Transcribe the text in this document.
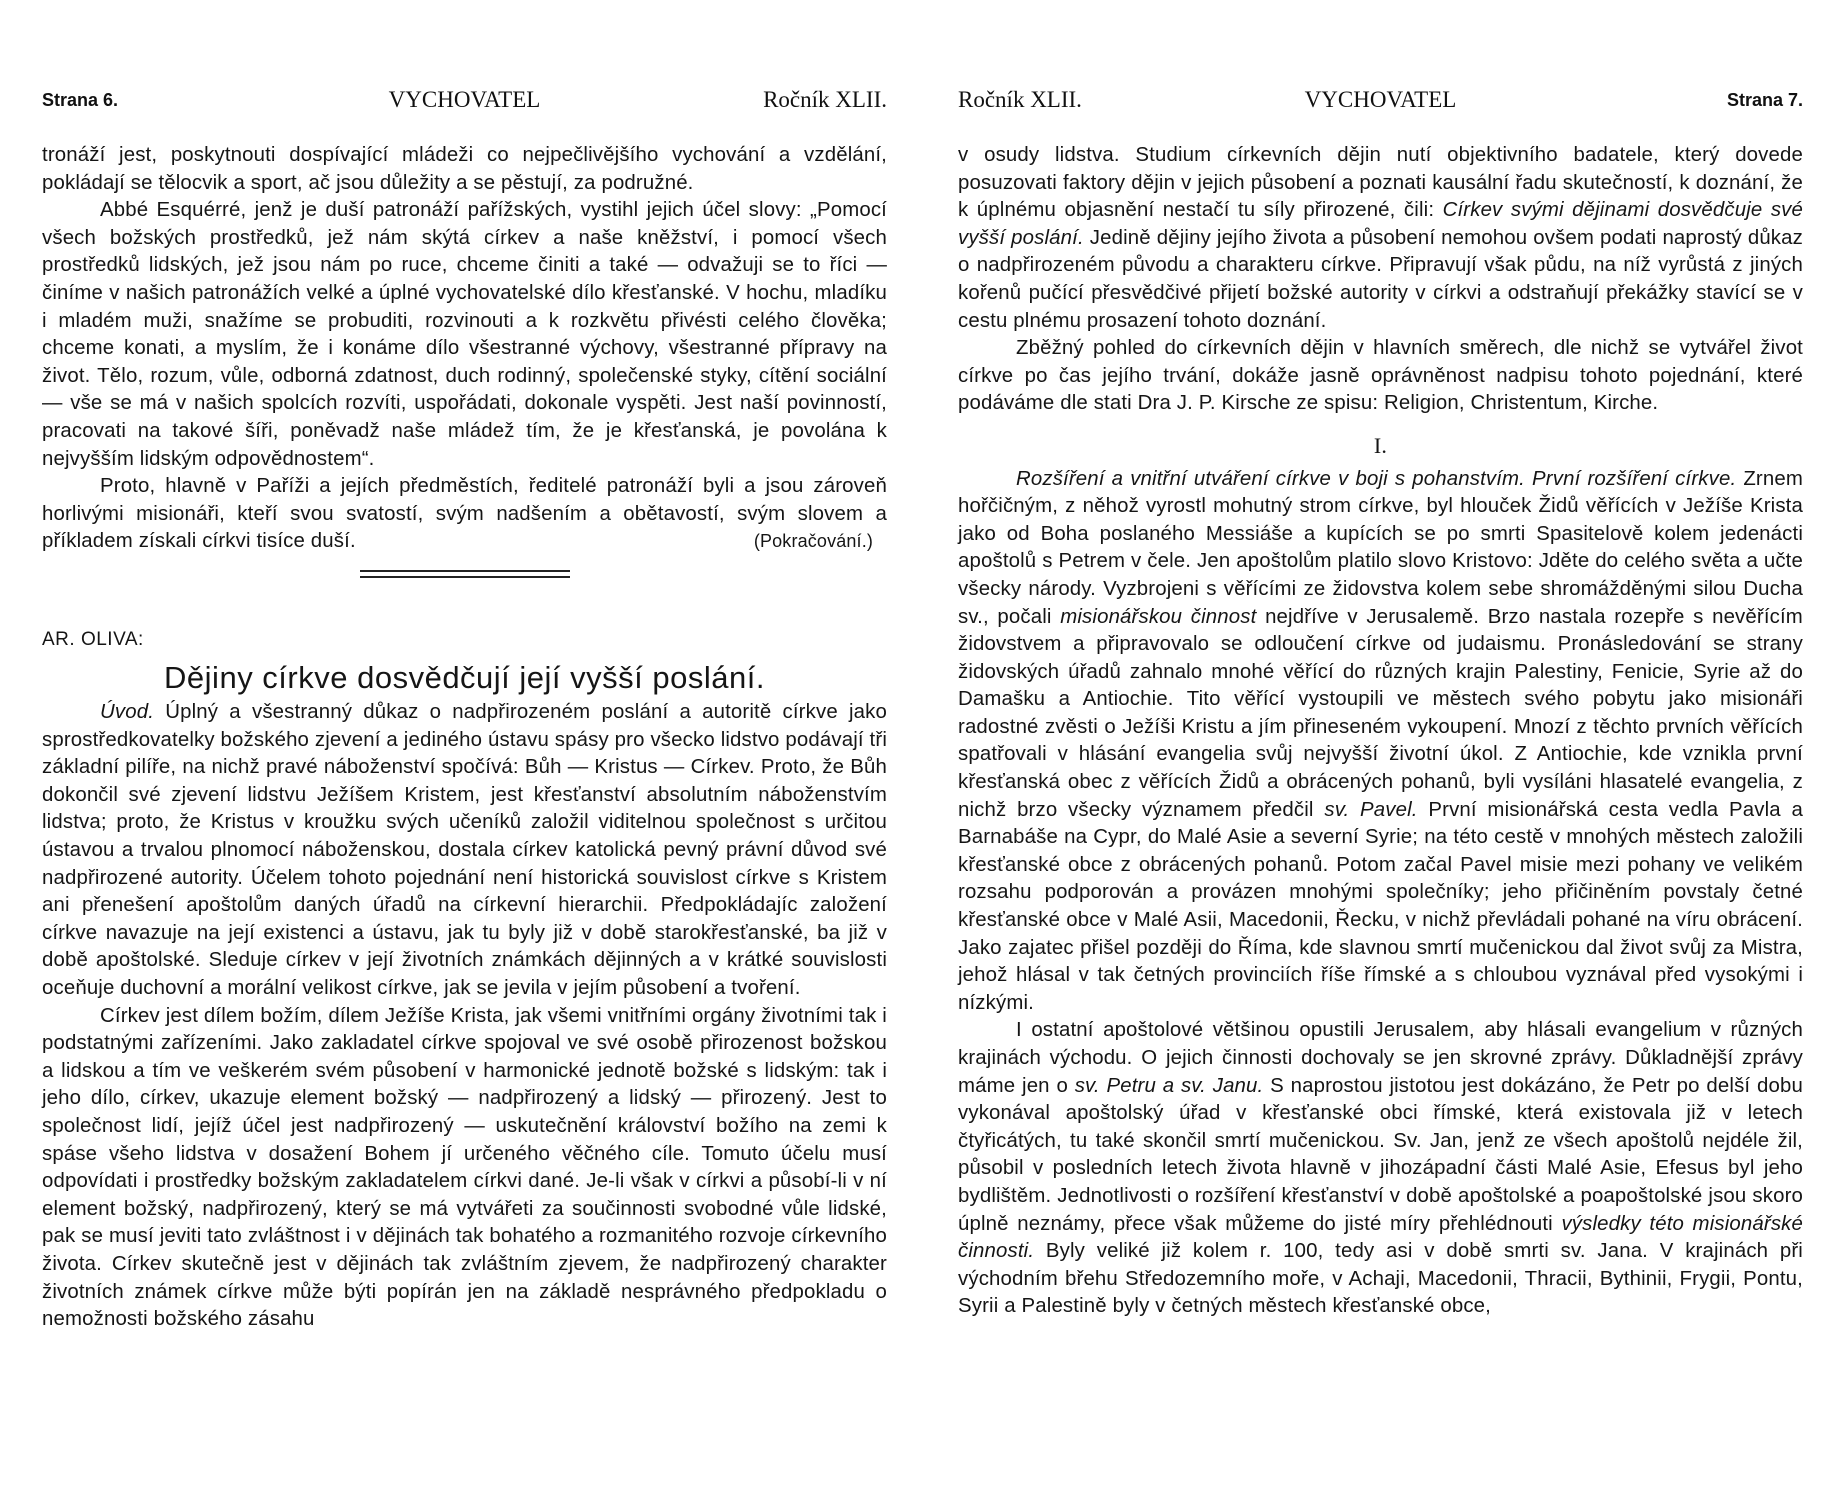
Strana 6.	VYCHOVATEL	Ročník XLII.

tronáží jest, poskytnouti dospívající mládeži co nejpečlivějšího vychování a vzdělání, pokládají se tělocvik a sport, ač jsou důležity a se pěstují, za podružné.

Abbé Esquérré, jenž je duší patronáží pařížských, vystihl jejich účel slovy: „Pomocí všech božských prostředků, jež nám skýtá církev a naše kněžství, i pomocí všech prostředků lidských, jež jsou nám po ruce, chceme činiti a také — odvažuji se to říci — činíme v našich patronážích velké a úplné vychovatelské dílo křesťanské. V hochu, mladíku i mladém muži, snažíme se probuditi, rozvinouti a k rozkvětu přivésti celého člověka; chceme konati, a myslím, že i konáme dílo všestranné výchovy, všestranné přípravy na život. Tělo, rozum, vůle, odborná zdatnost, duch rodinný, společenské styky, cítění sociální — vše se má v našich spolcích rozvíti, uspořádati, dokonale vyspěti. Jest naší povinností, pracovati na takové šíři, poněvadž naše mládež tím, že je křesťanská, je povolána k nejvyšším lidským odpovědnostem“.

Proto, hlavně v Paříži a jejích předměstích, ředitelé patronáží byli a jsou zároveň horlivými misionáři, kteří svou svatostí, svým nadšením a obětavostí, svým slovem a příkladem získali církvi tisíce duší.	(Pokračování.)

AR. OLIVA:
Dějiny církve dosvědčují její vyšší poslání.

Úvod. Úplný a všestranný důkaz o nadpřirozeném poslání a autoritě církve jako sprostředkovatelky božského zjevení a jediného ústavu spásy pro všecko lidstvo podávají tři základní pilíře, na nichž pravé náboženství spočívá: Bůh — Kristus — Církev. Proto, že Bůh dokončil své zjevení lidstvu Ježíšem Kristem, jest křesťanství absolutním náboženstvím lidstva; proto, že Kristus v kroužku svých učeníků založil viditelnou společnost s určitou ústavou a trvalou plnomocí náboženskou, dostala církev katolická pevný právní důvod své nadpřirozené autority. Účelem tohoto pojednání není historická souvislost církve s Kristem ani přenešení apoštolům daných úřadů na církevní hierarchii. Předpokládajíc založení církve navazuje na její existenci a ústavu, jak tu byly již v době starokřesťanské, ba již v době apoštolské. Sleduje církev v její životních známkách dějinných a v krátké souvislosti oceňuje duchovní a morální velikost církve, jak se jevila v jejím působení a tvoření.

Církev jest dílem božím, dílem Ježíše Krista, jak všemi vnitřními orgány životními tak i podstatnými zařízeními. Jako zakladatel církve spojoval ve své osobě přirozenost božskou a lidskou a tím ve veškerém svém působení v harmonické jednotě božské s lidským: tak i jeho dílo, církev, ukazuje element božský — nadpřirozený a lidský — přirozený. Jest to společnost lidí, jejíž účel jest nadpřirozený — uskutečnění království božího na zemi k spáse všeho lidstva v dosažení Bohem jí určeného věčného cíle. Tomuto účelu musí odpovídati i prostředky božským zakladatelem církvi dané. Je-li však v církvi a působí-li v ní element božský, nadpřirozený, který se má vytvářeti za součinnosti svobodné vůle lidské, pak se musí jeviti tato zvláštnost i v dějinách tak bohatého a rozmanitého rozvoje církevního života. Církev skutečně jest v dějinách tak zvláštním zjevem, že nadpřirozený charakter životních známek církve může býti popírán jen na základě nesprávného předpokladu o nemožnosti božského zásahu

Ročník XLII.	VYCHOVATEL	Strana 7.

v osudy lidstva. Studium církevních dějin nutí objektivního badatele, který dovede posuzovati faktory dějin v jejich působení a poznati kausální řadu skutečností, k doznání, že k úplnému objasnění nestačí tu síly přirozené, čili: Církev svými dějinami dosvědčuje své vyšší poslání. Jedině dějiny jejího života a působení nemohou ovšem podati naprostý důkaz o nadpřirozeném původu a charakteru církve. Připravují však půdu, na níž vyrůstá z jiných kořenů pučící přesvědčivé přijetí božské autority v církvi a odstraňují překážky stavící se v cestu plnému prosazení tohoto doznání.

Zběžný pohled do církevních dějin v hlavních směrech, dle nichž se vytvářel život církve po čas jejího trvání, dokáže jasně oprávněnost nadpisu tohoto pojednání, které podáváme dle stati Dra J. P. Kirsche ze spisu: Religion, Christentum, Kirche.

I.

Rozšíření a vnitřní utváření církve v boji s pohanstvím. První rozšíření církve. Zrnem hořčičným, z něhož vyrostl mohutný strom církve, byl hlouček Židů věřících v Ježíše Krista jako od Boha poslaného Messiáše a kupících se po smrti Spasitelově kolem jedenácti apoštolů s Petrem v čele. Jen apoštolům platilo slovo Kristovo: Jděte do celého světa a učte všecky národy. Vyzbrojeni s věřícími ze židovstva kolem sebe shromážděnými silou Ducha sv., počali misionářskou činnost nejdříve v Jerusalemě. Brzo nastala rozepře s nevěřícím židovstvem a připravovalo se odloučení církve od judaismu. Pronásledování se strany židovských úřadů zahnalo mnohé věřící do různých krajin Palestiny, Fenicie, Syrie až do Damašku a Antiochie. Tito věřící vystoupili ve městech svého pobytu jako misionáři radostné zvěsti o Ježíši Kristu a jím přineseném vykoupení. Mnozí z těchto prvních věřících spatřovali v hlásání evangelia svůj nejvyšší životní úkol. Z Antiochie, kde vznikla první křesťanská obec z věřících Židů a obrácených pohanů, byli vysíláni hlasatelé evangelia, z nichž brzo všecky významem předčil sv. Pavel. První misionářská cesta vedla Pavla a Barnabáše na Cypr, do Malé Asie a severní Syrie; na této cestě v mnohých městech založili křesťanské obce z obrácených pohanů. Potom začal Pavel misie mezi pohany ve velikém rozsahu podporován a provázen mnohými společníky; jeho přičiněním povstaly četné křesťanské obce v Malé Asii, Macedonii, Řecku, v nichž převládali pohané na víru obrácení. Jako zajatec přišel později do Říma, kde slavnou smrtí mučenickou dal život svůj za Mistra, jehož hlásal v tak četných provinciích říše římské a s chloubou vyznával před vysokými i nízkými.

I ostatní apoštolové většinou opustili Jerusalem, aby hlásali evangelium v různých krajinách východu. O jejich činnosti dochovaly se jen skrovné zprávy. Důkladnější zprávy máme jen o sv. Petru a sv. Janu. S naprostou jistotou jest dokázáno, že Petr po delší dobu vykonával apoštolský úřad v křesťanské obci římské, která existovala již v letech čtyřicátých, tu také skončil smrtí mučenickou. Sv. Jan, jenž ze všech apoštolů nejdéle žil, působil v posledních letech života hlavně v jihozápadní části Malé Asie, Efesus byl jeho bydlištěm. Jednotlivosti o rozšíření křesťanství v době apoštolské a poapoštolské jsou skoro úplně neznámy, přece však můžeme do jisté míry přehlédnouti výsledky této misionářské činnosti. Byly veliké již kolem r. 100, tedy asi v době smrti sv. Jana. V krajinách při východním břehu Středozemního moře, v Achaji, Macedonii, Thracii, Bythinii, Frygii, Pontu, Syrii a Palestině byly v četných městech křesťanské obce,
